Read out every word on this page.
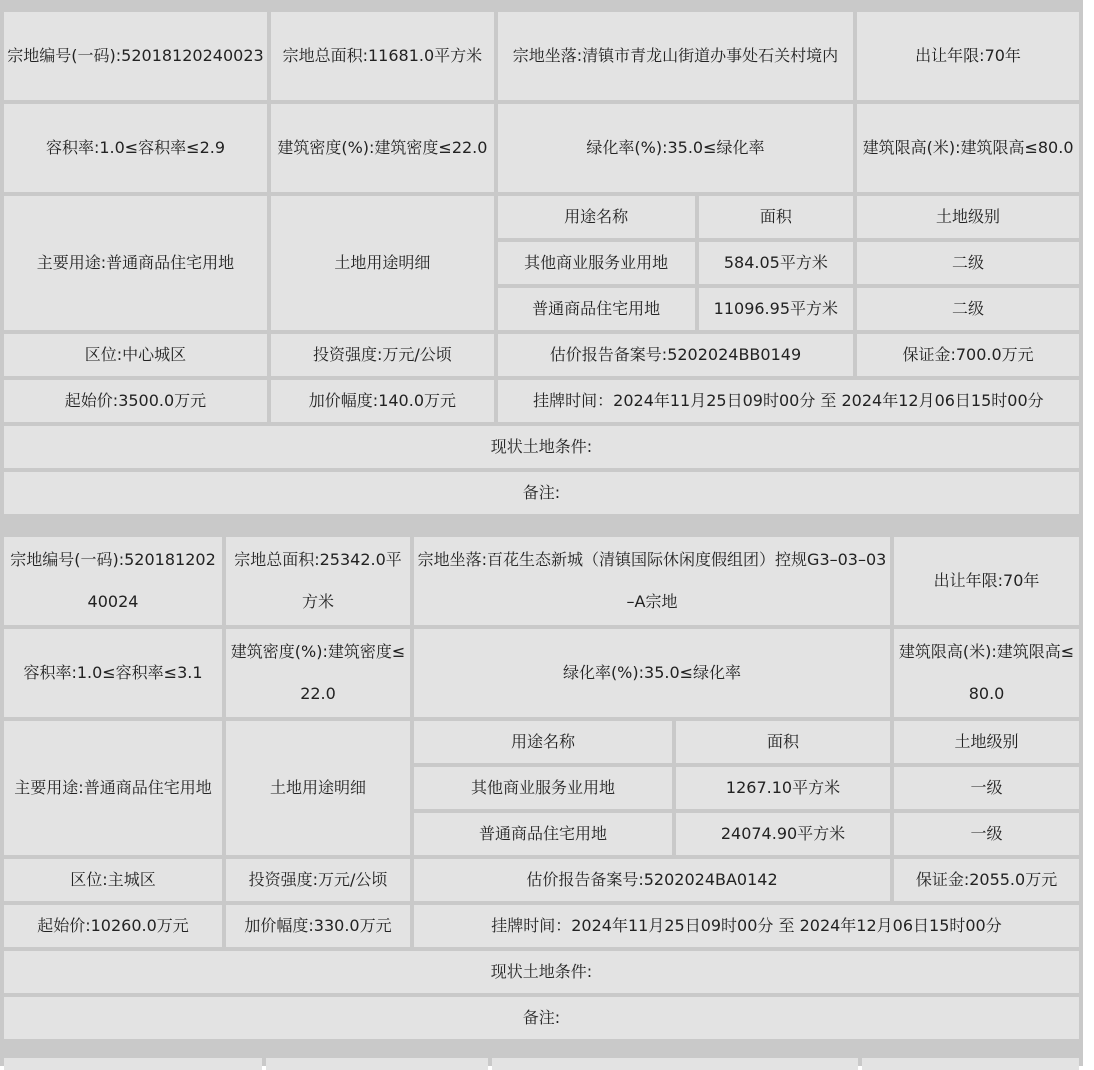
宗地编号(一码):52018120240023	宗地总面积:11681.0平方米	宗地坐落:清镇市青龙山街道办事处石关村境内		出让年限:70年
容积率:1.0≤容积率≤2.9	建筑密度(%):建筑密度≤22.0	绿化率(%):35.0≤绿化率		建筑限高(米):建筑限高≤80.0
主要用途:普通商品住宅用地	土地用途明细	用途名称	面积	土地级别
		其他商业服务业用地	584.05平方米	二级
		普通商品住宅用地	11096.95平方米	二级
区位:中心城区	投资强度:万元/公顷	估价报告备案号:5202024BB0149		保证金:700.0万元
起始价:3500.0万元	加价幅度:140.0万元	挂牌时间：2024年11月25日09时00分 至 2024年12月06日15时00分		
现状土地条件:				
备注:				
宗地编号(一码):52018120240024	宗地总面积:25342.0平方米	宗地坐落:百花生态新城（清镇国际休闲度假组团）控规G3–03–03–A宗地		出让年限:70年
容积率:1.0≤容积率≤3.1	建筑密度(%):建筑密度≤22.0	绿化率(%):35.0≤绿化率		建筑限高(米):建筑限高≤80.0
主要用途:普通商品住宅用地	土地用途明细	用途名称	面积	土地级别
		其他商业服务业用地	1267.10平方米	一级
		普通商品住宅用地	24074.90平方米	一级
区位:主城区	投资强度:万元/公顷	估价报告备案号:5202024BA0142		保证金:2055.0万元
起始价:10260.0万元	加价幅度:330.0万元	挂牌时间：2024年11月25日09时00分 至 2024年12月06日15时00分		
现状土地条件:				
备注:				
